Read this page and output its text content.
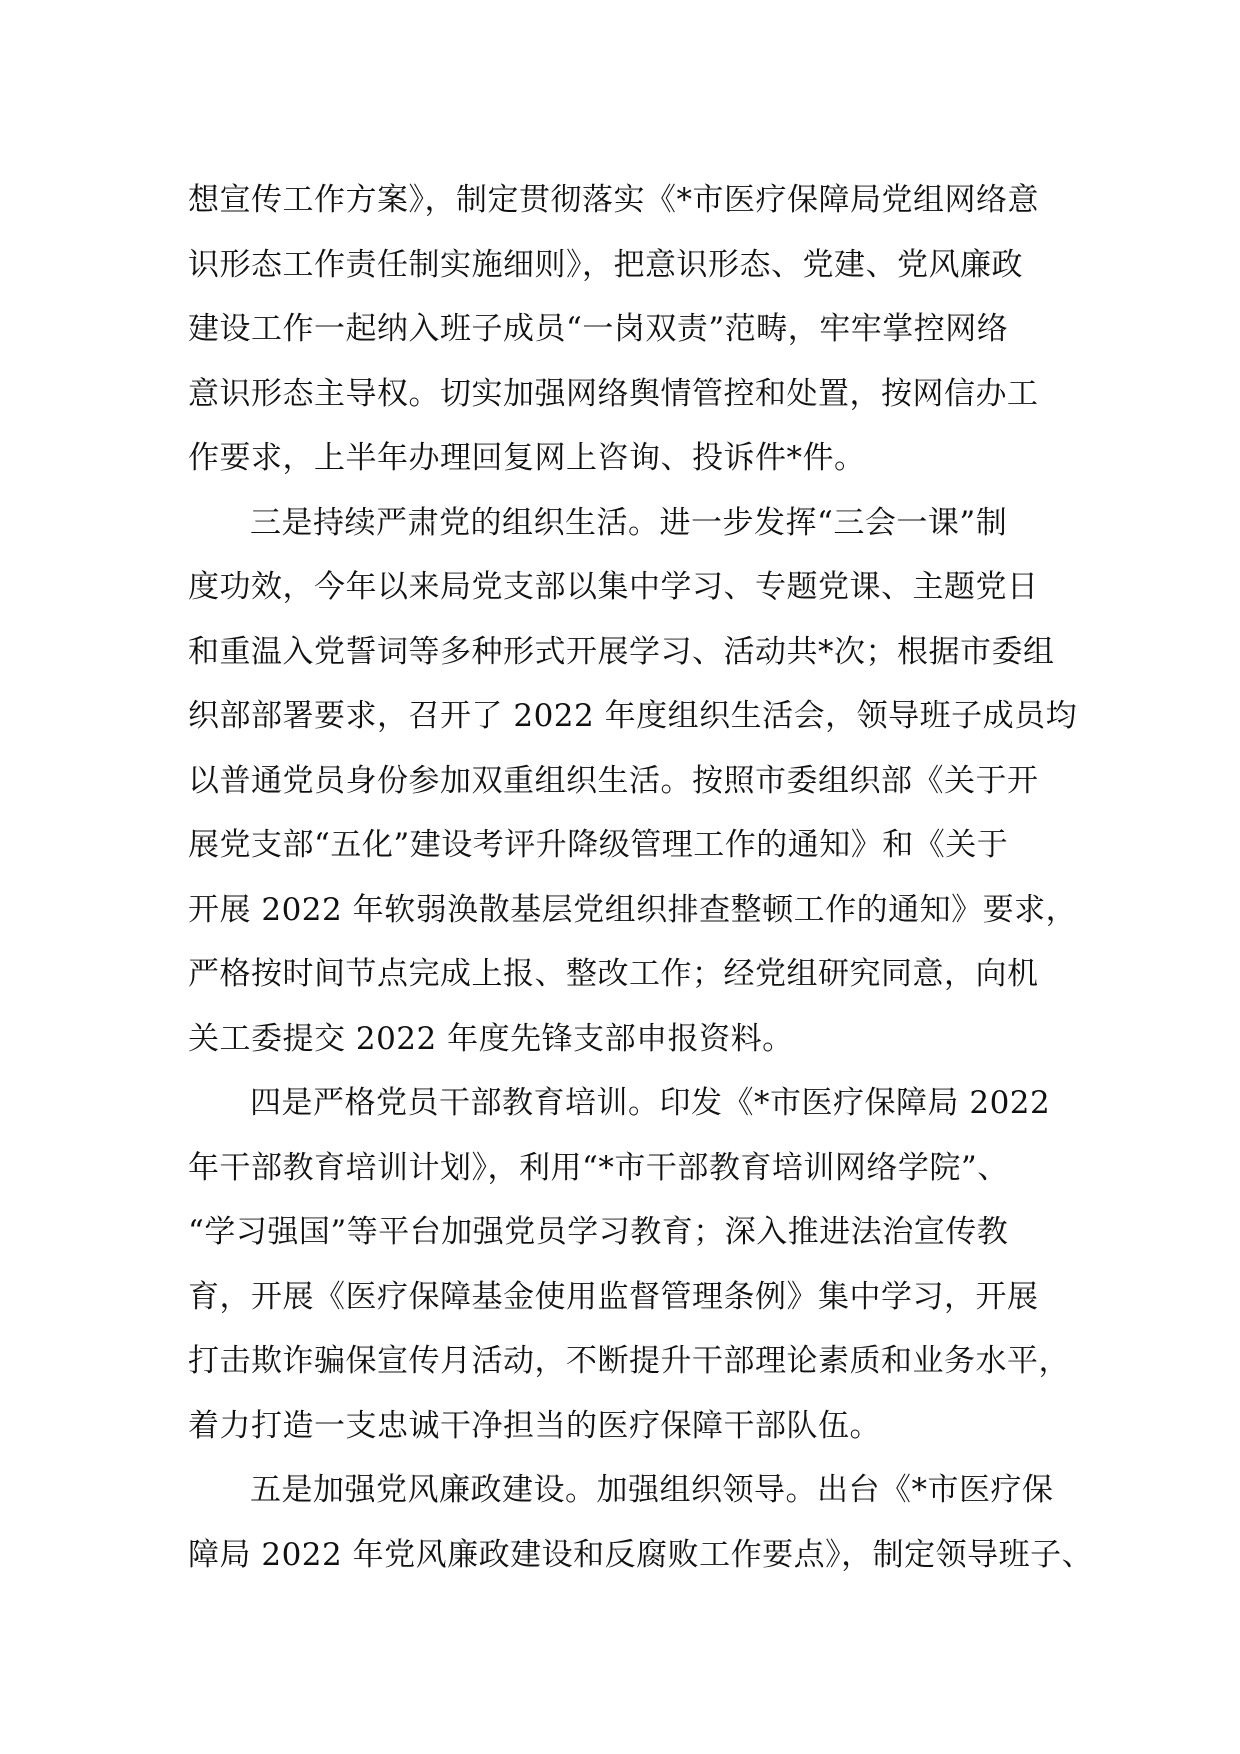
想宣传工作方案》，制定贯彻落实《*市医疗保障局党组网络意
识形态工作责任制实施细则》，把意识形态、党建、党风廉政
建设工作一起纳入班子成员“一岗双责”范畴，牢牢掌控网络
意识形态主导权。切实加强网络舆情管控和处置，按网信办工
作要求，上半年办理回复网上咨询、投诉件*件。
三是持续严肃党的组织生活。进一步发挥“三会一课”制
度功效，今年以来局党支部以集中学习、专题党课、主题党日
和重温入党誓词等多种形式开展学习、活动共*次；根据市委组
织部部署要求，召开了 2022 年度组织生活会，领导班子成员均
以普通党员身份参加双重组织生活。按照市委组织部《关于开
展党支部“五化”建设考评升降级管理工作的通知》和《关于
开展 2022 年软弱涣散基层党组织排查整顿工作的通知》要求，
严格按时间节点完成上报、整改工作；经党组研究同意，向机
关工委提交 2022 年度先锋支部申报资料。
四是严格党员干部教育培训。印发《*市医疗保障局 2022
年干部教育培训计划》，利用“*市干部教育培训网络学院”、
“学习强国”等平台加强党员学习教育；深入推进法治宣传教
育，开展《医疗保障基金使用监督管理条例》集中学习，开展
打击欺诈骗保宣传月活动，不断提升干部理论素质和业务水平，
着力打造一支忠诚干净担当的医疗保障干部队伍。
五是加强党风廉政建设。加强组织领导。出台《*市医疗保
障局 2022 年党风廉政建设和反腐败工作要点》，制定领导班子、
